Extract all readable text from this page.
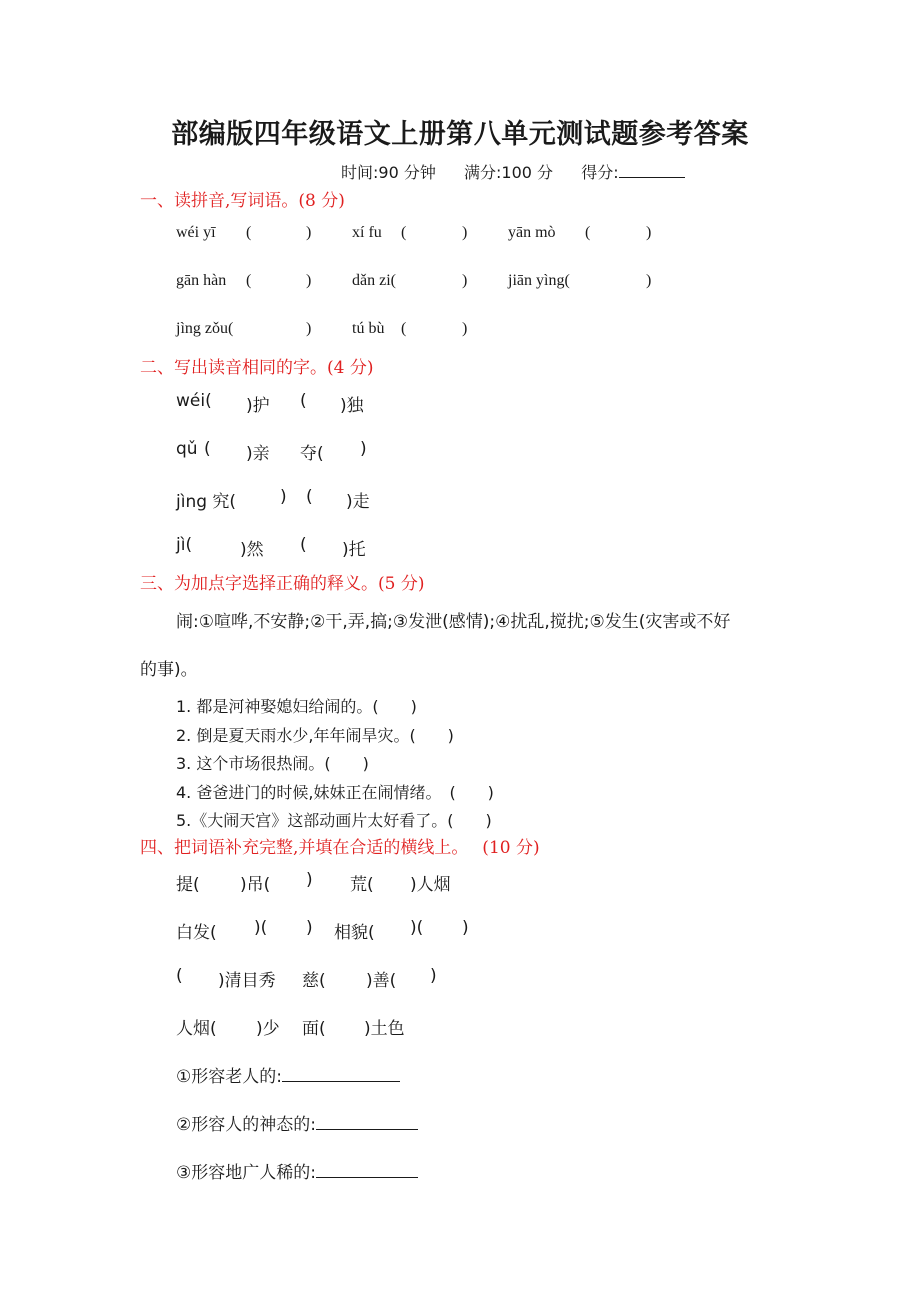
部编版四年级语文上册第八单元测试题参考答案
时间:90 分钟 满分:100 分 得分:
一、读拼音,写词语。(8 分)
wéi yī (	)	xí fu (	)	yān mò (	)
gān hàn (	)	dǎn zi(	)	jiān yìng(	)
jìng zǒu(	)	tú bù (	)
二、写出读音相同的字。(4 分)
wéi( )护 ( )独
qǔ ( )亲 夺( )
jìng 究(	) ( )走
jì(	)然 ( )托
三、为加点字选择正确的释义。(5 分)
闹:①喧哗,不安静;②干,弄,搞;③发泄(感情);④扰乱,搅扰;⑤发生(灾害或不好
的事)。
1. 都是河神娶媳妇给闹的。(　　)
2. 倒是夏天雨水少,年年闹旱灾。(　　)
3. 这个市场很热闹。(　　)
4. 爸爸进门的时候,妹妹正在闹情绪。　(　　)
5.《大闹天宫》这部动画片太好看了。(　　)
四、把词语补充完整,并填在合适的横线上。　 (10 分)
提( )吊( ) 荒( )人烟
白发( )( ) 相貌( )( )
( )清目秀 慈( )善( )
人烟( )少 面( )土色
①形容老人的:
②形容人的神态的:
③形容地广人稀的:
